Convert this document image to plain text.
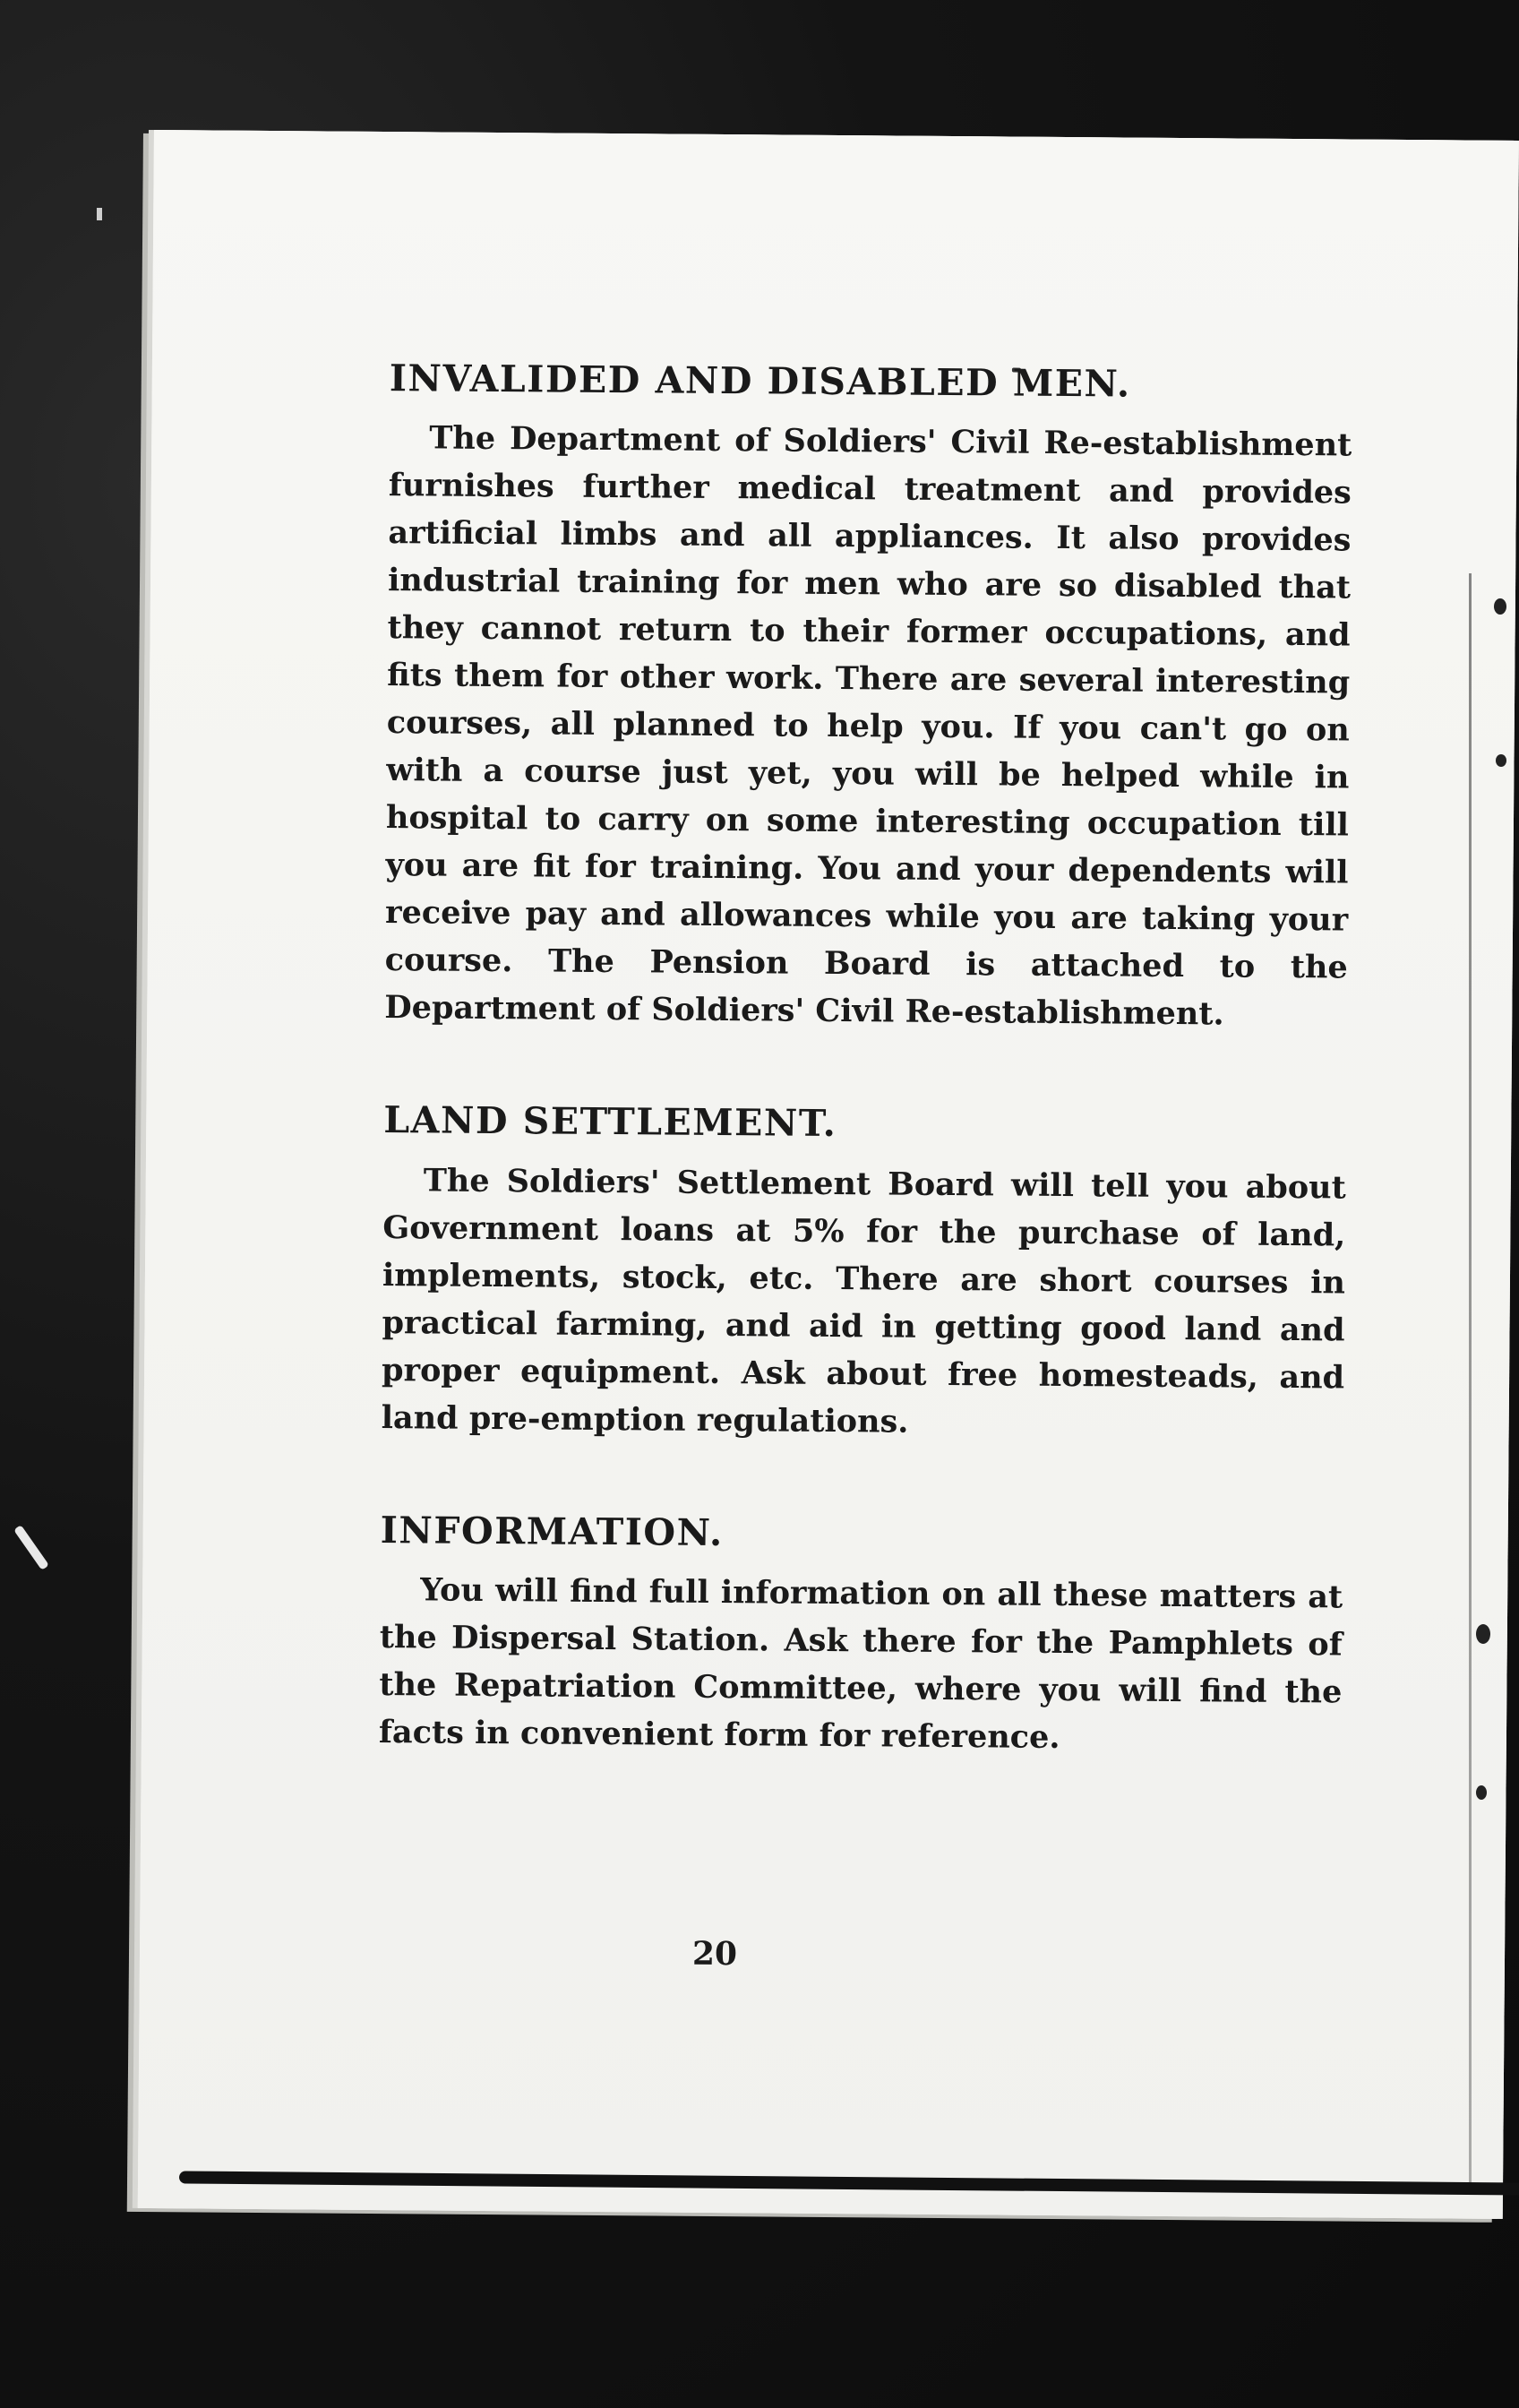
INVALIDED AND DISABLED MEN.

The Department of Soldiers' Civil Re-establishment furnishes further medical treatment and provides artificial limbs and all appliances. It also provides industrial training for men who are so disabled that they cannot return to their former occupations, and fits them for other work. There are several interesting courses, all planned to help you. If you can't go on with a course just yet, you will be helped while in hospital to carry on some interesting occupation till you are fit for training. You and your dependents will receive pay and allowances while you are taking your course. The Pension Board is attached to the Department of Soldiers' Civil Re-establishment.

LAND SETTLEMENT.

The Soldiers' Settlement Board will tell you about Government loans at 5% for the purchase of land, implements, stock, etc. There are short courses in practical farming, and aid in getting good land and proper equipment. Ask about free homesteads, and land pre-emption regulations.

INFORMATION.

You will find full information on all these matters at the Dispersal Station. Ask there for the Pamphlets of the Repatriation Committee, where you will find the facts in convenient form for reference.

20
